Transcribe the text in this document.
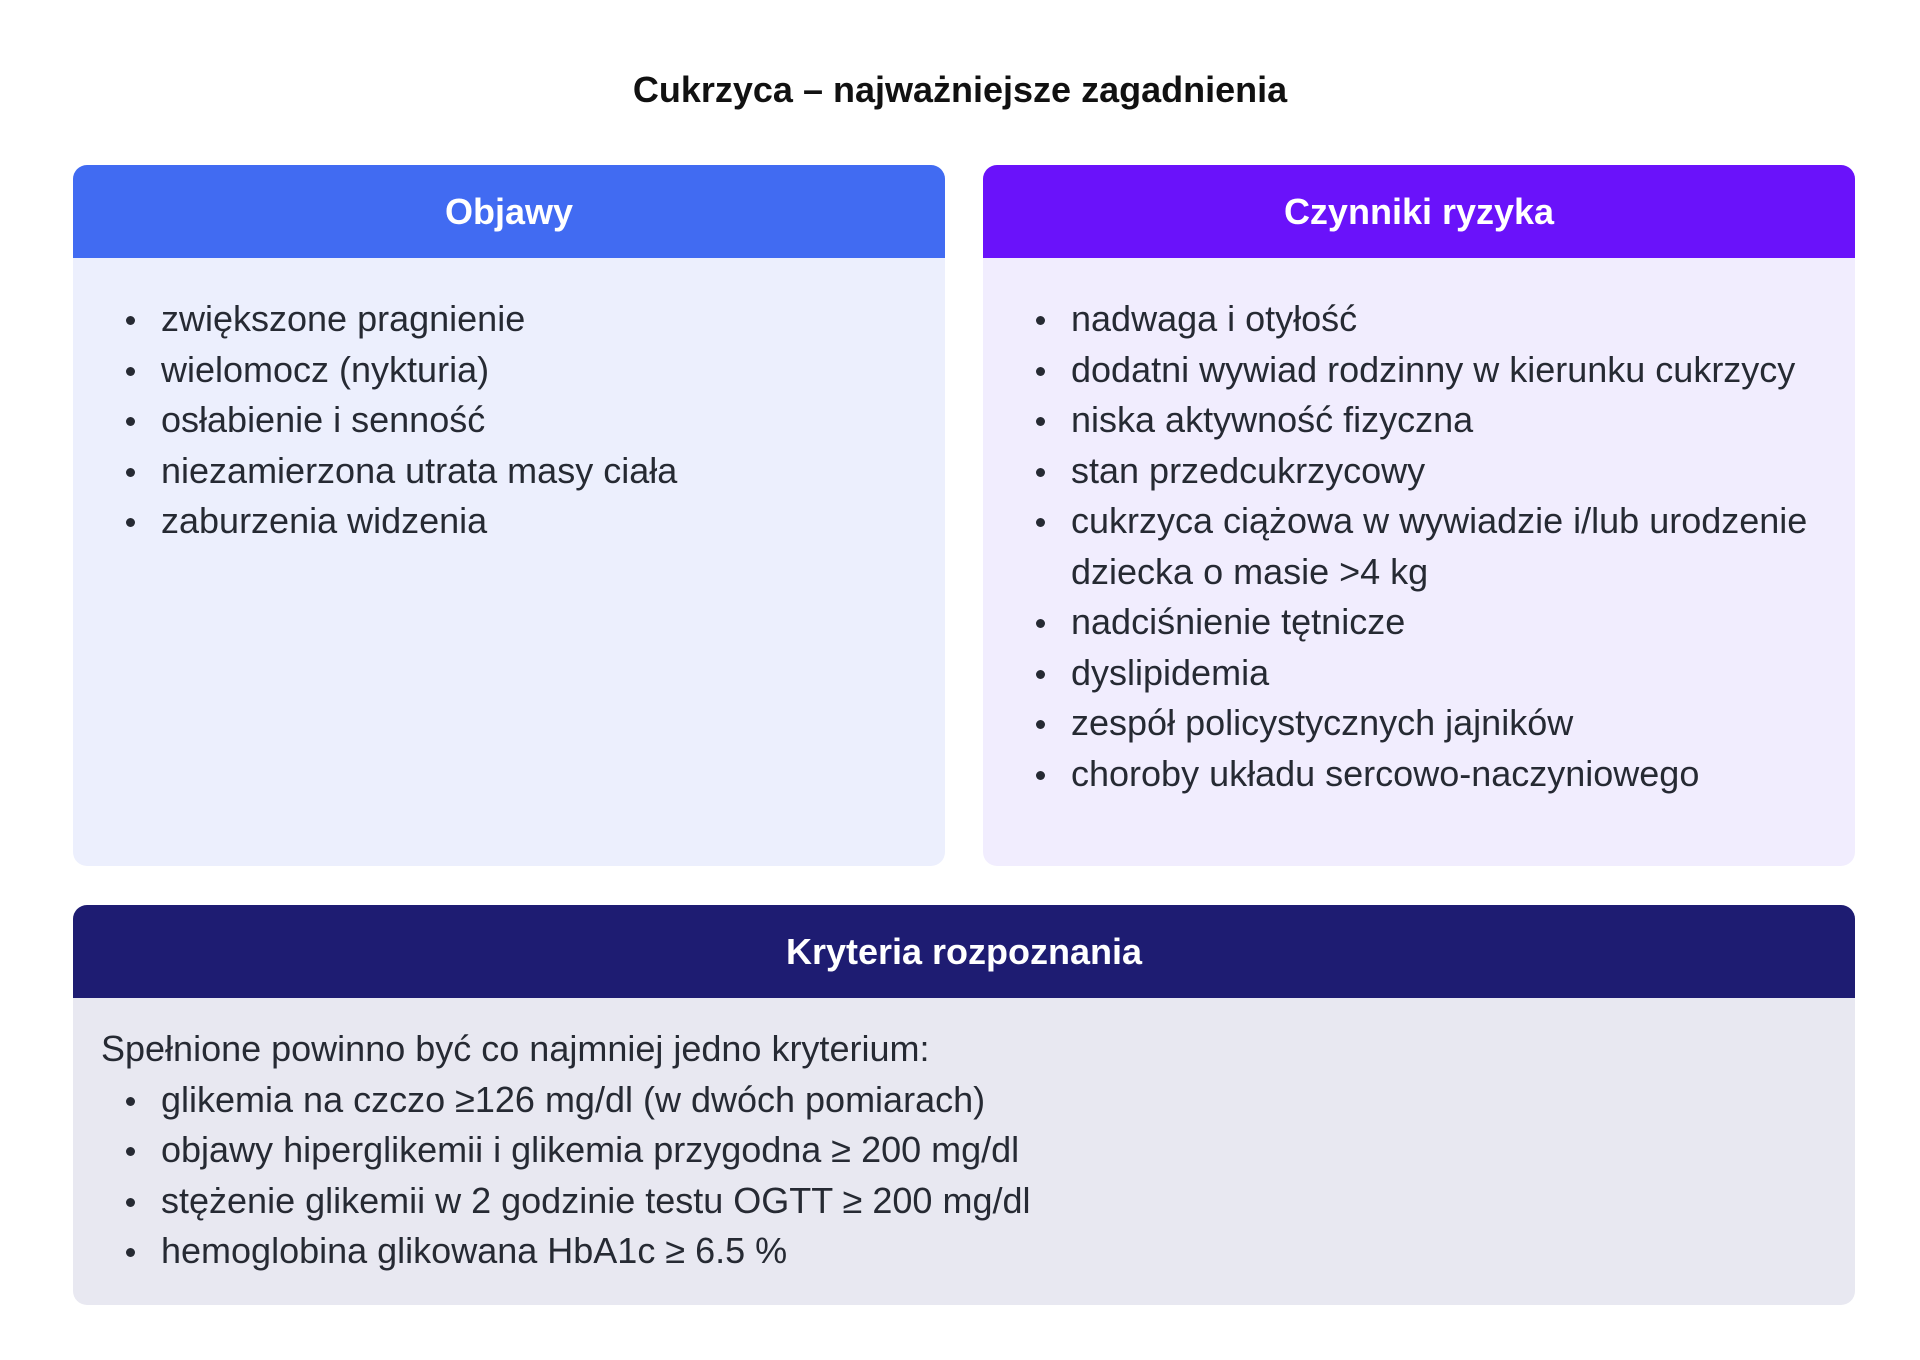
Cukrzyca – najważniejsze zagadnienia
Objawy
zwiększone pragnienie
wielomocz (nykturia)
osłabienie i senność
niezamierzona utrata masy ciała
zaburzenia widzenia
Czynniki ryzyka
nadwaga i otyłość
dodatni wywiad rodzinny w kierunku cukrzycy
niska aktywność fizyczna
stan przedcukrzycowy
cukrzyca ciążowa w wywiadzie i/lub urodzenie dziecka o masie >4 kg
nadciśnienie tętnicze
dyslipidemia
zespół policystycznych jajników
choroby układu sercowo-naczyniowego
Kryteria rozpoznania
Spełnione powinno być co najmniej jedno kryterium:
glikemia na czczo ≥126 mg/dl (w dwóch pomiarach)
objawy hiperglikemii i glikemia przygodna ≥ 200 mg/dl
stężenie glikemii w 2 godzinie testu OGTT ≥ 200 mg/dl
hemoglobina glikowana HbA1c ≥ 6.5 %
